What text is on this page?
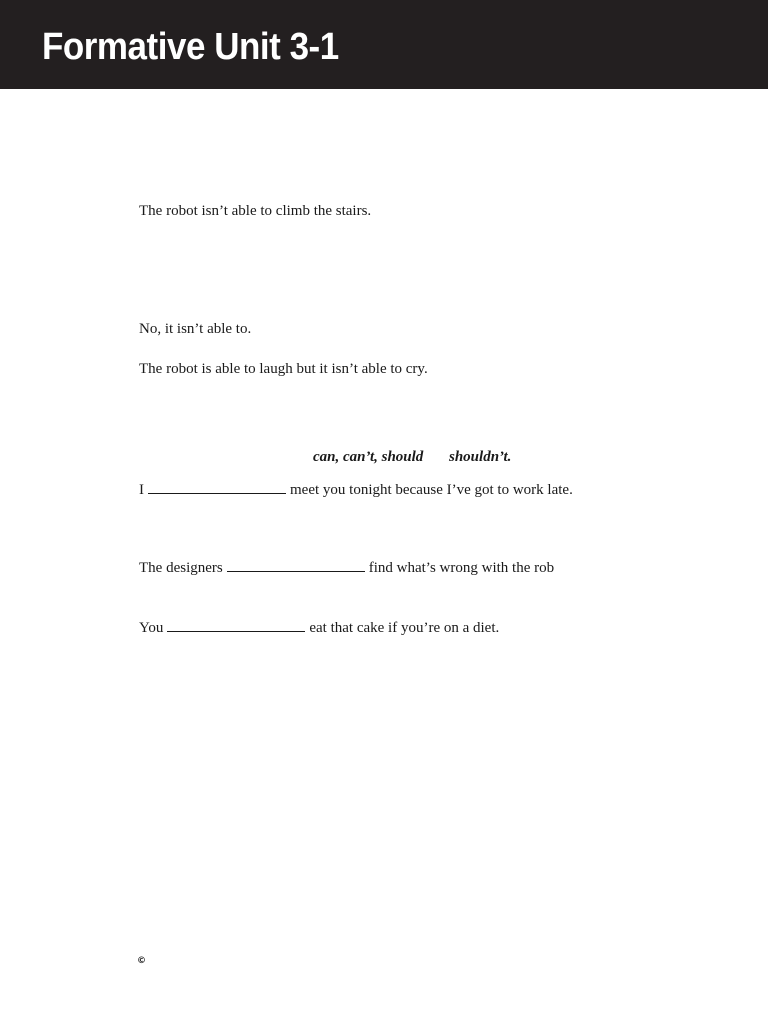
Formative Unit 3-1

The robot isn’t able to climb the stairs.

No, it isn’t able to.

The robot is able to laugh but it isn’t able to cry.

can, can’t, should shouldn’t.

I	meet you tonight because I’ve got to work late.

The designers	find what’s wrong with the rob

You	eat that cake if you’re on a diet.

©
